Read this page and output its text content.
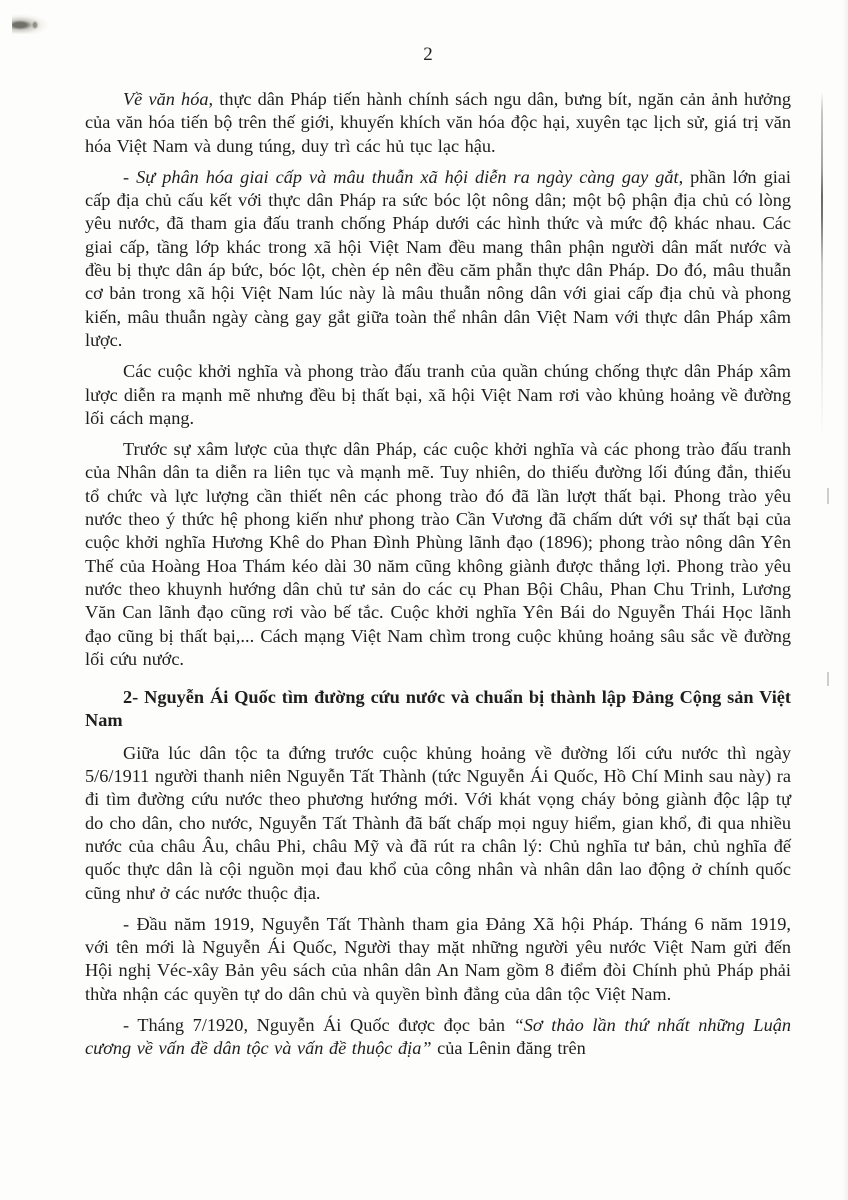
2

Về văn hóa, thực dân Pháp tiến hành chính sách ngu dân, bưng bít, ngăn cản ảnh hưởng của văn hóa tiến bộ trên thế giới, khuyến khích văn hóa độc hại, xuyên tạc lịch sử, giá trị văn hóa Việt Nam và dung túng, duy trì các hủ tục lạc hậu.

- Sự phân hóa giai cấp và mâu thuẫn xã hội diễn ra ngày càng gay gắt, phần lớn giai cấp địa chủ cấu kết với thực dân Pháp ra sức bóc lột nông dân; một bộ phận địa chủ có lòng yêu nước, đã tham gia đấu tranh chống Pháp dưới các hình thức và mức độ khác nhau. Các giai cấp, tầng lớp khác trong xã hội Việt Nam đều mang thân phận người dân mất nước và đều bị thực dân áp bức, bóc lột, chèn ép nên đều căm phẫn thực dân Pháp. Do đó, mâu thuẫn cơ bản trong xã hội Việt Nam lúc này là mâu thuẫn nông dân với giai cấp địa chủ và phong kiến, mâu thuẫn ngày càng gay gắt giữa toàn thể nhân dân Việt Nam với thực dân Pháp xâm lược.

Các cuộc khởi nghĩa và phong trào đấu tranh của quần chúng chống thực dân Pháp xâm lược diễn ra mạnh mẽ nhưng đều bị thất bại, xã hội Việt Nam rơi vào khủng hoảng về đường lối cách mạng.

Trước sự xâm lược của thực dân Pháp, các cuộc khởi nghĩa và các phong trào đấu tranh của Nhân dân ta diễn ra liên tục và mạnh mẽ. Tuy nhiên, do thiếu đường lối đúng đắn, thiếu tổ chức và lực lượng cần thiết nên các phong trào đó đã lần lượt thất bại. Phong trào yêu nước theo ý thức hệ phong kiến như phong trào Cần Vương đã chấm dứt với sự thất bại của cuộc khởi nghĩa Hương Khê do Phan Đình Phùng lãnh đạo (1896); phong trào nông dân Yên Thế của Hoàng Hoa Thám kéo dài 30 năm cũng không giành được thắng lợi. Phong trào yêu nước theo khuynh hướng dân chủ tư sản do các cụ Phan Bội Châu, Phan Chu Trinh, Lương Văn Can lãnh đạo cũng rơi vào bế tắc. Cuộc khởi nghĩa Yên Bái do Nguyễn Thái Học lãnh đạo cũng bị thất bại,... Cách mạng Việt Nam chìm trong cuộc khủng hoảng sâu sắc về đường lối cứu nước.

2- Nguyễn Ái Quốc tìm đường cứu nước và chuẩn bị thành lập Đảng Cộng sản Việt Nam

Giữa lúc dân tộc ta đứng trước cuộc khủng hoảng về đường lối cứu nước thì ngày 5/6/1911 người thanh niên Nguyễn Tất Thành (tức Nguyễn Ái Quốc, Hồ Chí Minh sau này) ra đi tìm đường cứu nước theo phương hướng mới. Với khát vọng cháy bỏng giành độc lập tự do cho dân, cho nước, Nguyễn Tất Thành đã bất chấp mọi nguy hiểm, gian khổ, đi qua nhiều nước của châu Âu, châu Phi, châu Mỹ và đã rút ra chân lý: Chủ nghĩa tư bản, chủ nghĩa đế quốc thực dân là cội nguồn mọi đau khổ của công nhân và nhân dân lao động ở chính quốc cũng như ở các nước thuộc địa.

- Đầu năm 1919, Nguyễn Tất Thành tham gia Đảng Xã hội Pháp. Tháng 6 năm 1919, với tên mới là Nguyễn Ái Quốc, Người thay mặt những người yêu nước Việt Nam gửi đến Hội nghị Véc-xây Bản yêu sách của nhân dân An Nam gồm 8 điểm đòi Chính phủ Pháp phải thừa nhận các quyền tự do dân chủ và quyền bình đẳng của dân tộc Việt Nam.

- Tháng 7/1920, Nguyễn Ái Quốc được đọc bản “Sơ thảo lần thứ nhất những Luận cương về vấn đề dân tộc và vấn đề thuộc địa” của Lênin đăng trên
